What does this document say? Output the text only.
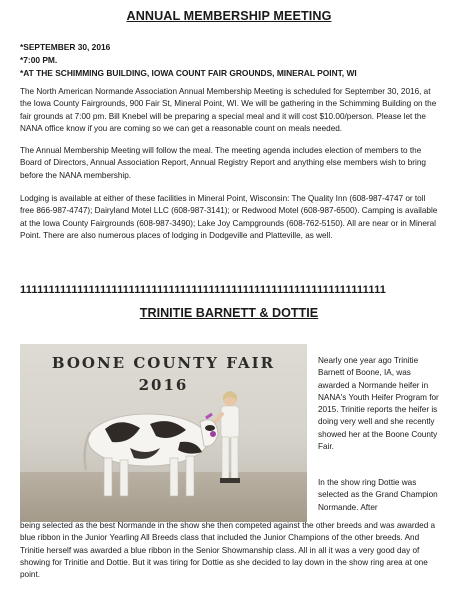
ANNUAL MEMBERSHIP MEETING
*SEPTEMBER 30, 2016
*7:00 PM.
*AT THE SCHIMMING BUILDING, IOWA COUNT FAIR GROUNDS, MINERAL POINT, WI

The North American Normande Association Annual Membership Meeting is scheduled for September 30, 2016, at the Iowa County Fairgrounds, 900 Fair St, Mineral Point, WI. We will be gathering in the Schimming Building on the fair grounds at 7:00 pm. Bill Knebel will be preparing a special meal and it will cost $10.00/person. Please let the NANA office know if you are coming so we can get a reasonable count on meals needed.

The Annual Membership Meeting will follow the meal. The meeting agenda includes election of members to the Board of Directors, Annual Association Report, Annual Registry Report and anything else members wish to bring before the NANA membership.

Lodging is available at either of these facilities in Mineral Point, Wisconsin: The Quality Inn (608-987-4747 or toll free 866-987-4747); Dairyland Motel LLC (608-987-3141); or Redwood Motel (608-987-6500). Camping is available at the Iowa County Fairgrounds (608-987-3490); Lake Joy Campgrounds (608-762-5150). All are near or in Mineral Point. There are also numerous places of lodging in Dodgeville and Platteville, as well.

1111111111111111111111111111111111111111111111111111111111111111
TRINITIE BARNETT & DOTTIE
BOONE COUNTY FAIR
2016
Nearly one year ago Trinitie Barnett of Boone, IA, was awarded a Normande heifer in NANA's Youth Heifer Program for 2015. Trinitie reports the heifer is doing very well and she recently showed her at the Boone County Fair.
In the show ring Dottie was selected as the Grand Champion Normande. After
being selected as the best Normande in the show she then competed against the other breeds and was awarded a blue ribbon in the Junior Yearling All Breeds class that included the Junior Champions of the other breeds. And Trinitie herself was awarded a blue ribbon in the Senior Showmanship class. All in all it was a very good day of showing for Trinitie and Dottie. But it was tiring for Dottie as she decided to lay down in the show ring area at one point.
